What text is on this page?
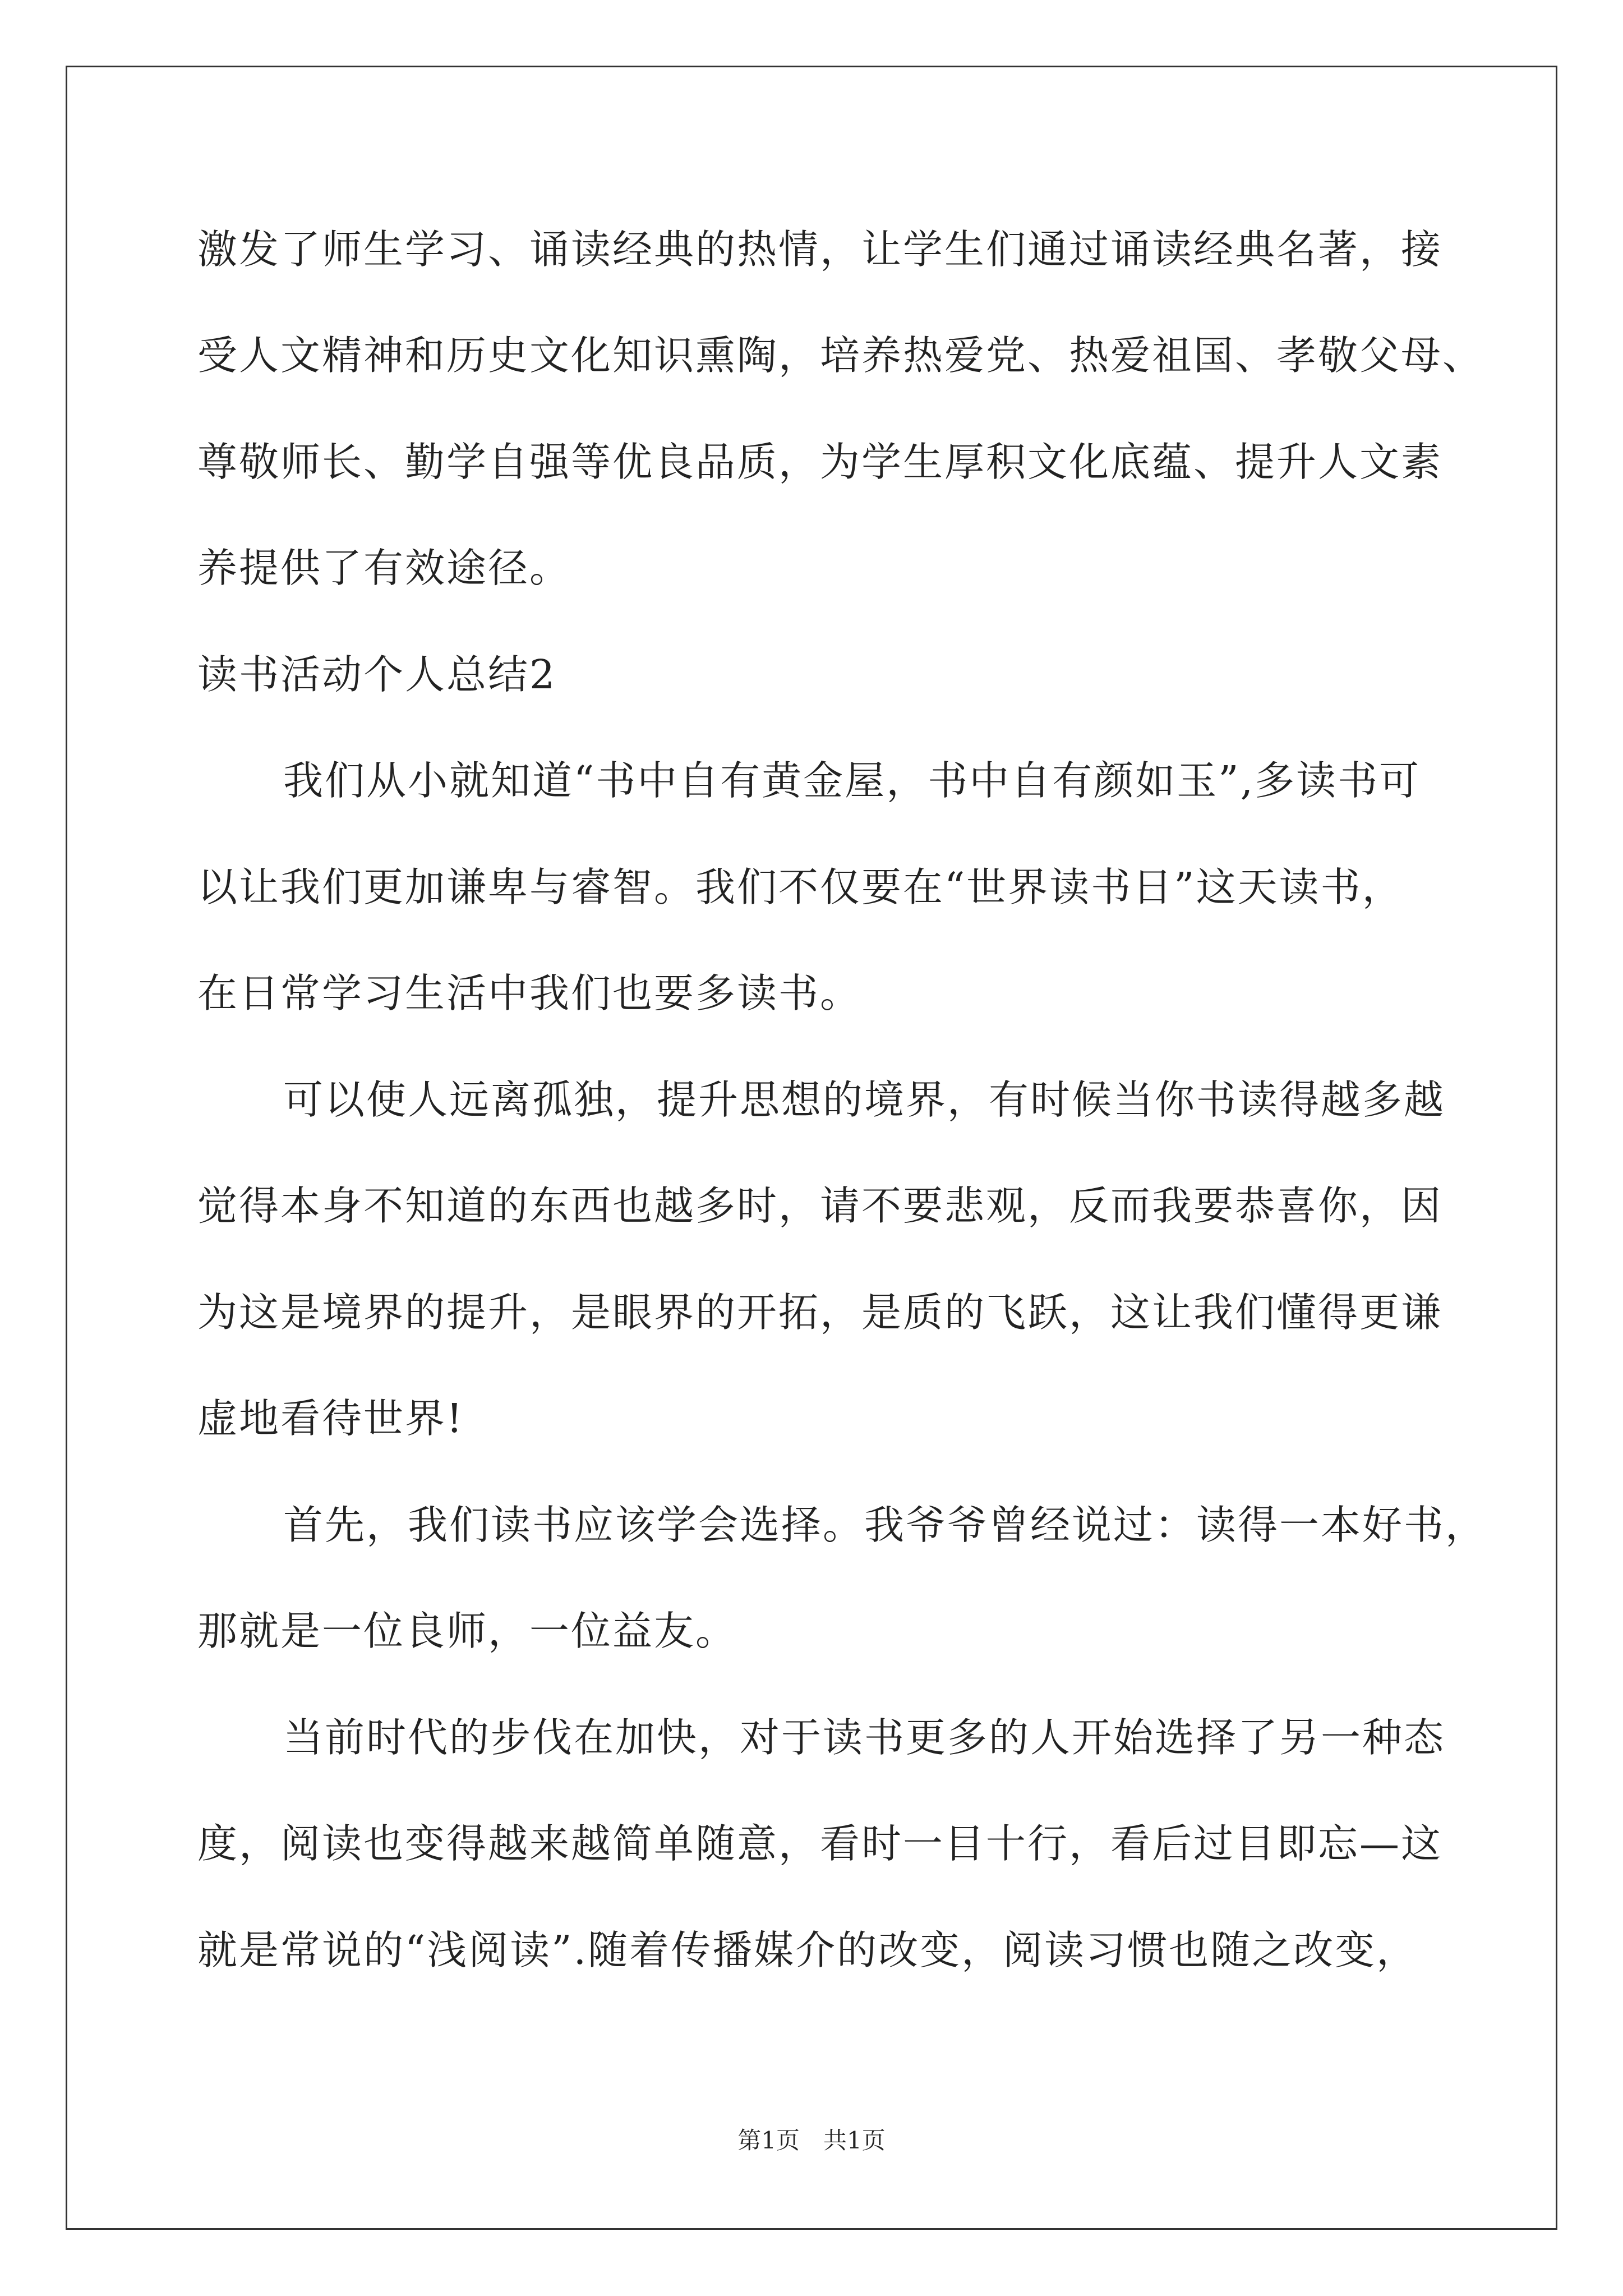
激发了师生学习、诵读经典的热情，让学生们通过诵读经典名著，接

受人文精神和历史文化知识熏陶，培养热爱党、热爱祖国、孝敬父母、

尊敬师长、勤学自强等优良品质，为学生厚积文化底蕴、提升人文素

养提供了有效途径。

读书活动个人总结2

我们从小就知道“书中自有黄金屋，书中自有颜如玉”,多读书可

以让我们更加谦卑与睿智。我们不仅要在“世界读书日”这天读书，

在日常学习生活中我们也要多读书。

可以使人远离孤独，提升思想的境界，有时候当你书读得越多越

觉得本身不知道的东西也越多时，请不要悲观，反而我要恭喜你，因

为这是境界的提升，是眼界的开拓，是质的飞跃，这让我们懂得更谦

虚地看待世界!

首先，我们读书应该学会选择。我爷爷曾经说过：读得一本好书，

那就是一位良师，一位益友。

当前时代的步伐在加快，对于读书更多的人开始选择了另一种态

度，阅读也变得越来越简单随意，看时一目十行，看后过目即忘—这

就是常说的“浅阅读”.随着传播媒介的改变，阅读习惯也随之改变，

第1页　共1页
